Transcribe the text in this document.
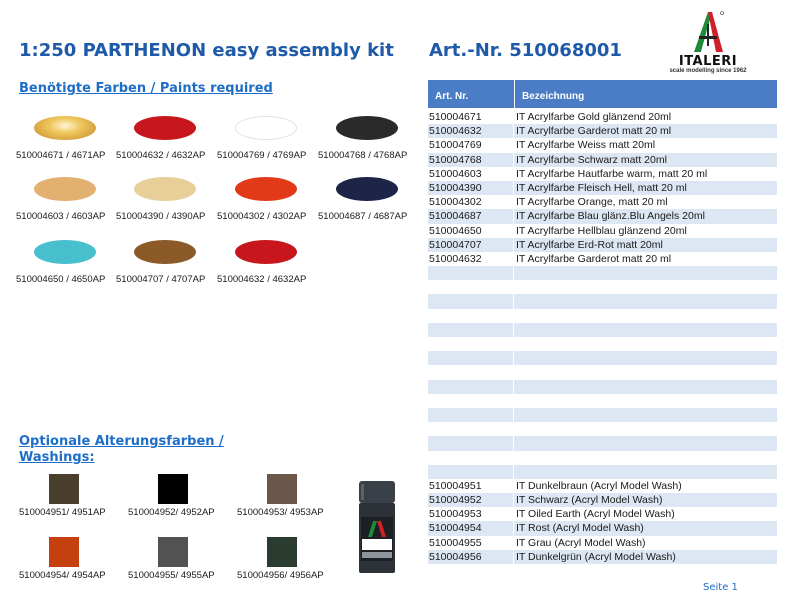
1:250 PARTHENON easy assembly kit Art.-Nr. 510068001
ITALERI
scale modelling since 1962
Benötigte Farben / Paints required
510004671 / 4671AP 510004632 / 4632AP 510004769 / 4769AP 510004768 / 4768AP
510004603 / 4603AP 510004390 / 4390AP 510004302 / 4302AP 510004687 / 4687AP
510004650 / 4650AP 510004707 / 4707AP 510004632 / 4632AP
Optionale Alterungsfarben /
Washings:
510004951/ 4951AP 510004952/ 4952AP 510004953/ 4953AP
510004954/ 4954AP 510004955/ 4955AP 510004956/ 4956AP
Art. Nr.	Bezeichnung
510004671	IT Acrylfarbe Gold glänzend 20ml
510004632	IT Acrylfarbe Garderot matt 20 ml
510004769	IT Acrylfarbe Weiss matt 20ml
510004768	IT Acrylfarbe Schwarz matt 20ml
510004603	IT Acrylfarbe Hautfarbe warm, matt 20 ml
510004390	IT Acrylfarbe Fleisch Hell, matt 20 ml
510004302	IT Acrylfarbe Orange, matt 20 ml
510004687	IT Acrylfarbe Blau glänz.Blu Angels 20ml
510004650	IT Acrylfarbe Hellblau glänzend 20ml
510004707	IT Acrylfarbe Erd-Rot matt 20ml
510004632	IT Acrylfarbe Garderot matt 20 ml
510004951	IT Dunkelbraun (Acryl Model Wash)
510004952	IT Schwarz (Acryl Model Wash)
510004953	IT Oiled Earth (Acryl Model Wash)
510004954	IT Rost (Acryl Model Wash)
510004955	IT Grau (Acryl Model Wash)
510004956	IT Dunkelgrün (Acryl Model Wash)
Seite 1
